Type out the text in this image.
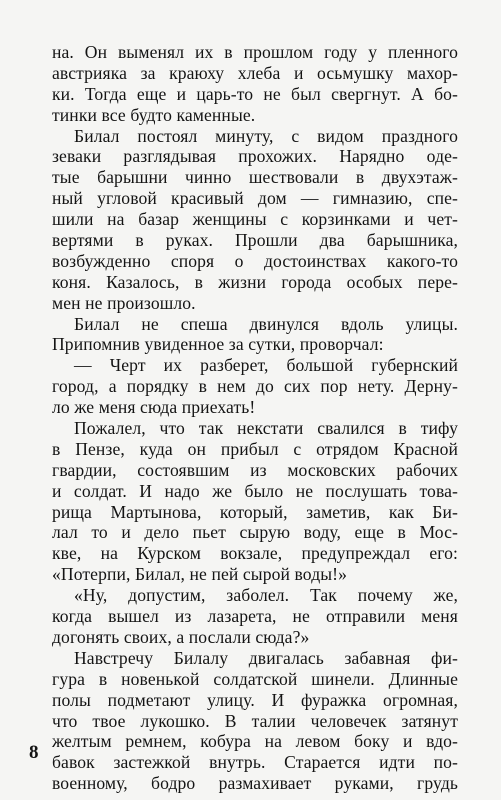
на. Он выменял их в прошлом году у пленного
австрияка за краюху хлеба и осьмушку махор-
ки. Тогда еще и царь-то не был свергнут. А бо-
тинки все будто каменные.
Билал постоял минуту, с видом праздного
зеваки разглядывая прохожих. Нарядно оде-
тые барышни чинно шествовали в двухэтаж-
ный угловой красивый дом — гимназию, спе-
шили на базар женщины с корзинками и чет-
вертями в руках. Прошли два барышника,
возбужденно споря о достоинствах какого-то
коня. Казалось, в жизни города особых пере-
мен не произошло.
Билал не спеша двинулся вдоль улицы.
Припомнив увиденное за сутки, проворчал:
— Черт их разберет, большой губернский
город, а порядку в нем до сих пор нету. Дерну-
ло же меня сюда приехать!
Пожалел, что так некстати свалился в тифу
в Пензе, куда он прибыл с отрядом Красной
гвардии, состоявшим из московских рабочих
и солдат. И надо же было не послушать това-
рища Мартынова, который, заметив, как Би-
лал то и дело пьет сырую воду, еще в Мос-
кве, на Курском вокзале, предупреждал его:
«Потерпи, Билал, не пей сырой воды!»
«Ну, допустим, заболел. Так почему же,
когда вышел из лазарета, не отправили меня
догонять своих, а послали сюда?»
Навстречу Билалу двигалась забавная фи-
гура в новенькой солдатской шинели. Длинные
полы подметают улицу. И фуражка огромная,
что твое лукошко. В талии человечек затянут
желтым ремнем, кобура на левом боку и вдо-
бавок застежкой внутрь. Старается идти по-
военному, бодро размахивает руками, грудь
8
